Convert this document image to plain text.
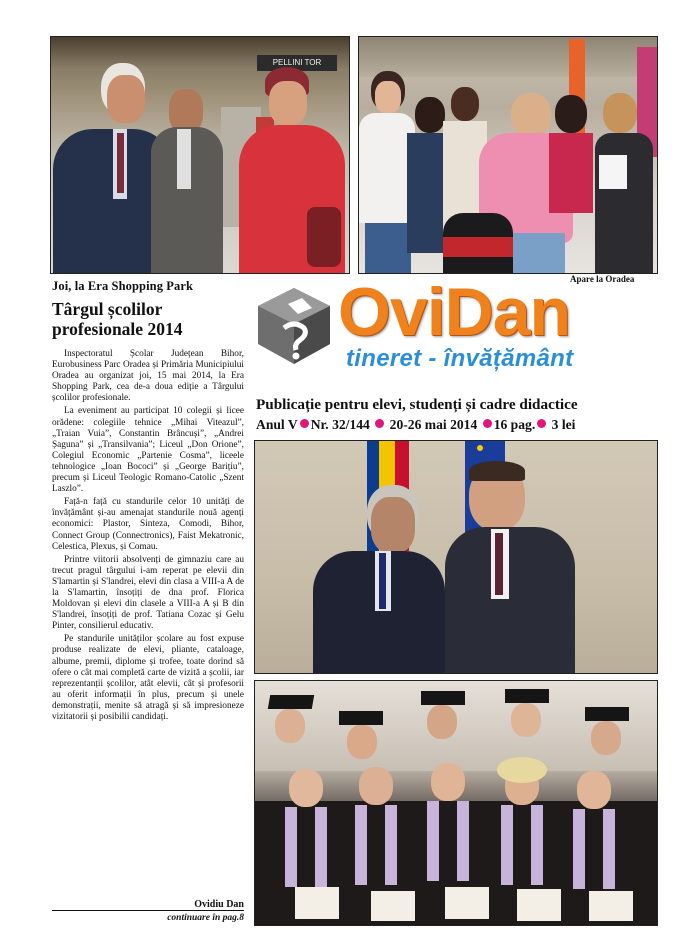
PELLINI TOR
Joi, la Era Shopping Park
Târgul școlilor profesionale 2014

Inspectoratul Școlar Județean Bihor, Eurobusiness Parc Oradea și Primăria Municipiului Oradea au organizat joi, 15 mai 2014, la Era Shopping Park, cea de-a doua ediție a Târgului școlilor profesionale.

La eveniment au participat 10 colegii și licee orădene: colegiile tehnice „Mihai Viteazul”, „Traian Vuia”, Constantin Brâncuși”, „Andrei Șaguna” și „Transilvania”; Liceul „Don Orione”, Colegiul Economic „Partenie Cosma”, liceele tehnologice „Ioan Bococi” și „George Barițiu”, precum și Liceul Teologic Romano-Catolic „Szent Laszlo”.

Față-n față cu standurile celor 10 unități de învățământ și-au amenajat standurile nouă agenți economici: Plastor, Sinteza, Comodi, Bihor, Connect Group (Connectronics), Faist Mekatronic, Celestica, Plexus, și Comau.

Printre viitorii absolvenți de gimnaziu care au trecut pragul târgului i-am reperat pe elevii din S'lamartin și S'landrei, elevi din clasa a VIII-a A de la S'lamartin, însoțiți de dna prof. Florica Moldovan și elevi din clasele a VIII-a A și B din S'landrei, însoțiți de prof. Tatiana Cozac și Gelu Pinter, consilierul educativ.

Pe standurile unităților școlare au fost expuse produse realizate de elevi, pliante, cataloage, albume, premii, diplome și trofee, toate dorind să ofere o cât mai completă carte de vizită a școlii, iar reprezentanții școlilor, atât elevii, cât și profesorii au oferit informații în plus, precum și unele demonstrații, menite să atragă și să impresioneze vizitatorii și posibilii candidați.

Ovidiu Dan
continuare în pag.8
Apare la Oradea
OviDan
tineret - învățământ
Publicație pentru elevi, studenți și cadre didactice
Anul V Nr. 32/144 20-26 mai 2014 16 pag. 3 lei
